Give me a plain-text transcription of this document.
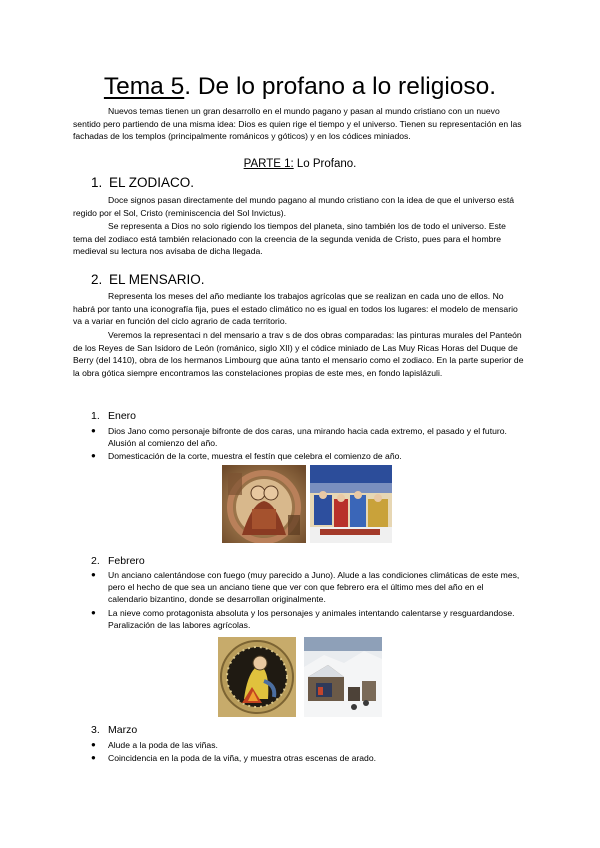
Tema 5. De lo profano a lo religioso.

Nuevos temas tienen un gran desarrollo en el mundo pagano y pasan al mundo cristiano con un nuevo sentido pero partiendo de una misma idea: Dios es quien rige el tiempo y el universo. Tienen su representación en las fachadas de los templos (principalmente románicos y góticos) y en los códices miniados.

PARTE 1: Lo Profano.
1. EL ZODIACO.

Doce signos pasan directamente del mundo pagano al mundo cristiano con la idea de que el universo está regido por el Sol, Cristo (reminiscencia del Sol Invictus).

Se representa a Dios no solo rigiendo los tiempos del planeta, sino también los de todo el universo. Este tema del zodiaco está también relacionado con la creencia de la segunda venida de Cristo, pues para el hombre medieval su lectura nos avisaba de dicha llegada.

2. EL MENSARIO.

Representa los meses del año mediante los trabajos agrícolas que se realizan en cada uno de ellos. No habrá por tanto una iconografía fija, pues el estado climático no es igual en todos los lugares: el modelo de mensario va a variar en función del ciclo agrario de cada territorio.

Veremos la representaci n del mensario a trav s de dos obras comparadas: las pinturas murales del Panteón de los Reyes de San Isidoro de León (románico, siglo XII) y el códice miniado de Las Muy Ricas Horas del Duque de Berry (del 1410), obra de los hermanos Limbourg que aúna tanto el mensario como el zodiaco. En la parte superior de la obra gótica siempre encontramos las constelaciones propias de este mes, en fondo lapislázuli.

1. Enero
● Dios Jano como personaje bifronte de dos caras, una mirando hacia cada extremo, el pasado y el futuro. Alusión al comienzo del año.
● Domesticación de la corte, muestra el festín que celebra el comienzo de año.
2. Febrero
● Un anciano calentándose con fuego (muy parecido a Juno). Alude a las condiciones climáticas de este mes, pero el hecho de que sea un anciano tiene que ver con que febrero era el último mes del año en el calendario bizantino, donde se desarrollan originalmente.
● La nieve como protagonista absoluta y los personajes y animales intentando calentarse y resguardandose. Paralización de las labores agrícolas.
3. Marzo
● Alude a la poda de las viñas.
● Coincidencia en la poda de la viña, y muestra otras escenas de arado.
